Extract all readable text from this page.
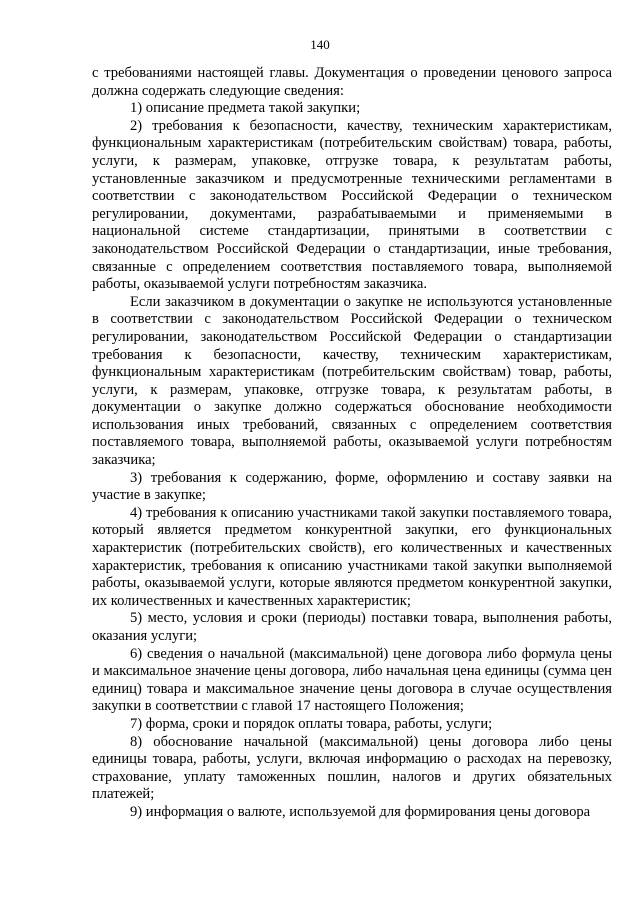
140

с требованиями настоящей главы. Документация о проведении ценового запроса должна содержать следующие сведения:

1) описание предмета такой закупки;

2) требования к безопасности, качеству, техническим характеристикам, функциональным характеристикам (потребительским свойствам) товара, работы, услуги, к размерам, упаковке, отгрузке товара, к результатам работы, установленные заказчиком и предусмотренные техническими регламентами в соответствии с законодательством Российской Федерации о техническом регулировании, документами, разрабатываемыми и применяемыми в национальной системе стандартизации, принятыми в соответствии с законодательством Российской Федерации о стандартизации, иные требования, связанные с определением соответствия поставляемого товара, выполняемой работы, оказываемой услуги потребностям заказчика.

Если заказчиком в документации о закупке не используются установленные в соответствии с законодательством Российской Федерации о техническом регулировании, законодательством Российской Федерации о стандартизации требования к безопасности, качеству, техническим характеристикам, функциональным характеристикам (потребительским свойствам) товар, работы, услуги, к размерам, упаковке, отгрузке товара, к результатам работы, в документации о закупке должно содержаться обоснование необходимости использования иных требований, связанных с определением соответствия поставляемого товара, выполняемой работы, оказываемой услуги потребностям заказчика;

3) требования к содержанию, форме, оформлению и составу заявки на участие в закупке;

4) требования к описанию участниками такой закупки поставляемого товара, который является предметом конкурентной закупки, его функциональных характеристик (потребительских свойств), его количественных и качественных характеристик, требования к описанию участниками такой закупки выполняемой работы, оказываемой услуги, которые являются предметом конкурентной закупки, их количественных и качественных характеристик;

5) место, условия и сроки (периоды) поставки товара, выполнения работы, оказания услуги;

6) сведения о начальной (максимальной) цене договора либо формула цены и максимальное значение цены договора, либо начальная цена единицы (сумма цен единиц) товара и максимальное значение цены договора в случае осуществления закупки в соответствии с главой 17 настоящего Положения;

7) форма, сроки и порядок оплаты товара, работы, услуги;

8) обоснование начальной (максимальной) цены договора либо цены единицы товара, работы, услуги, включая информацию о расходах на перевозку, страхование, уплату таможенных пошлин, налогов и других обязательных платежей;

9) информация о валюте, используемой для формирования цены договора
